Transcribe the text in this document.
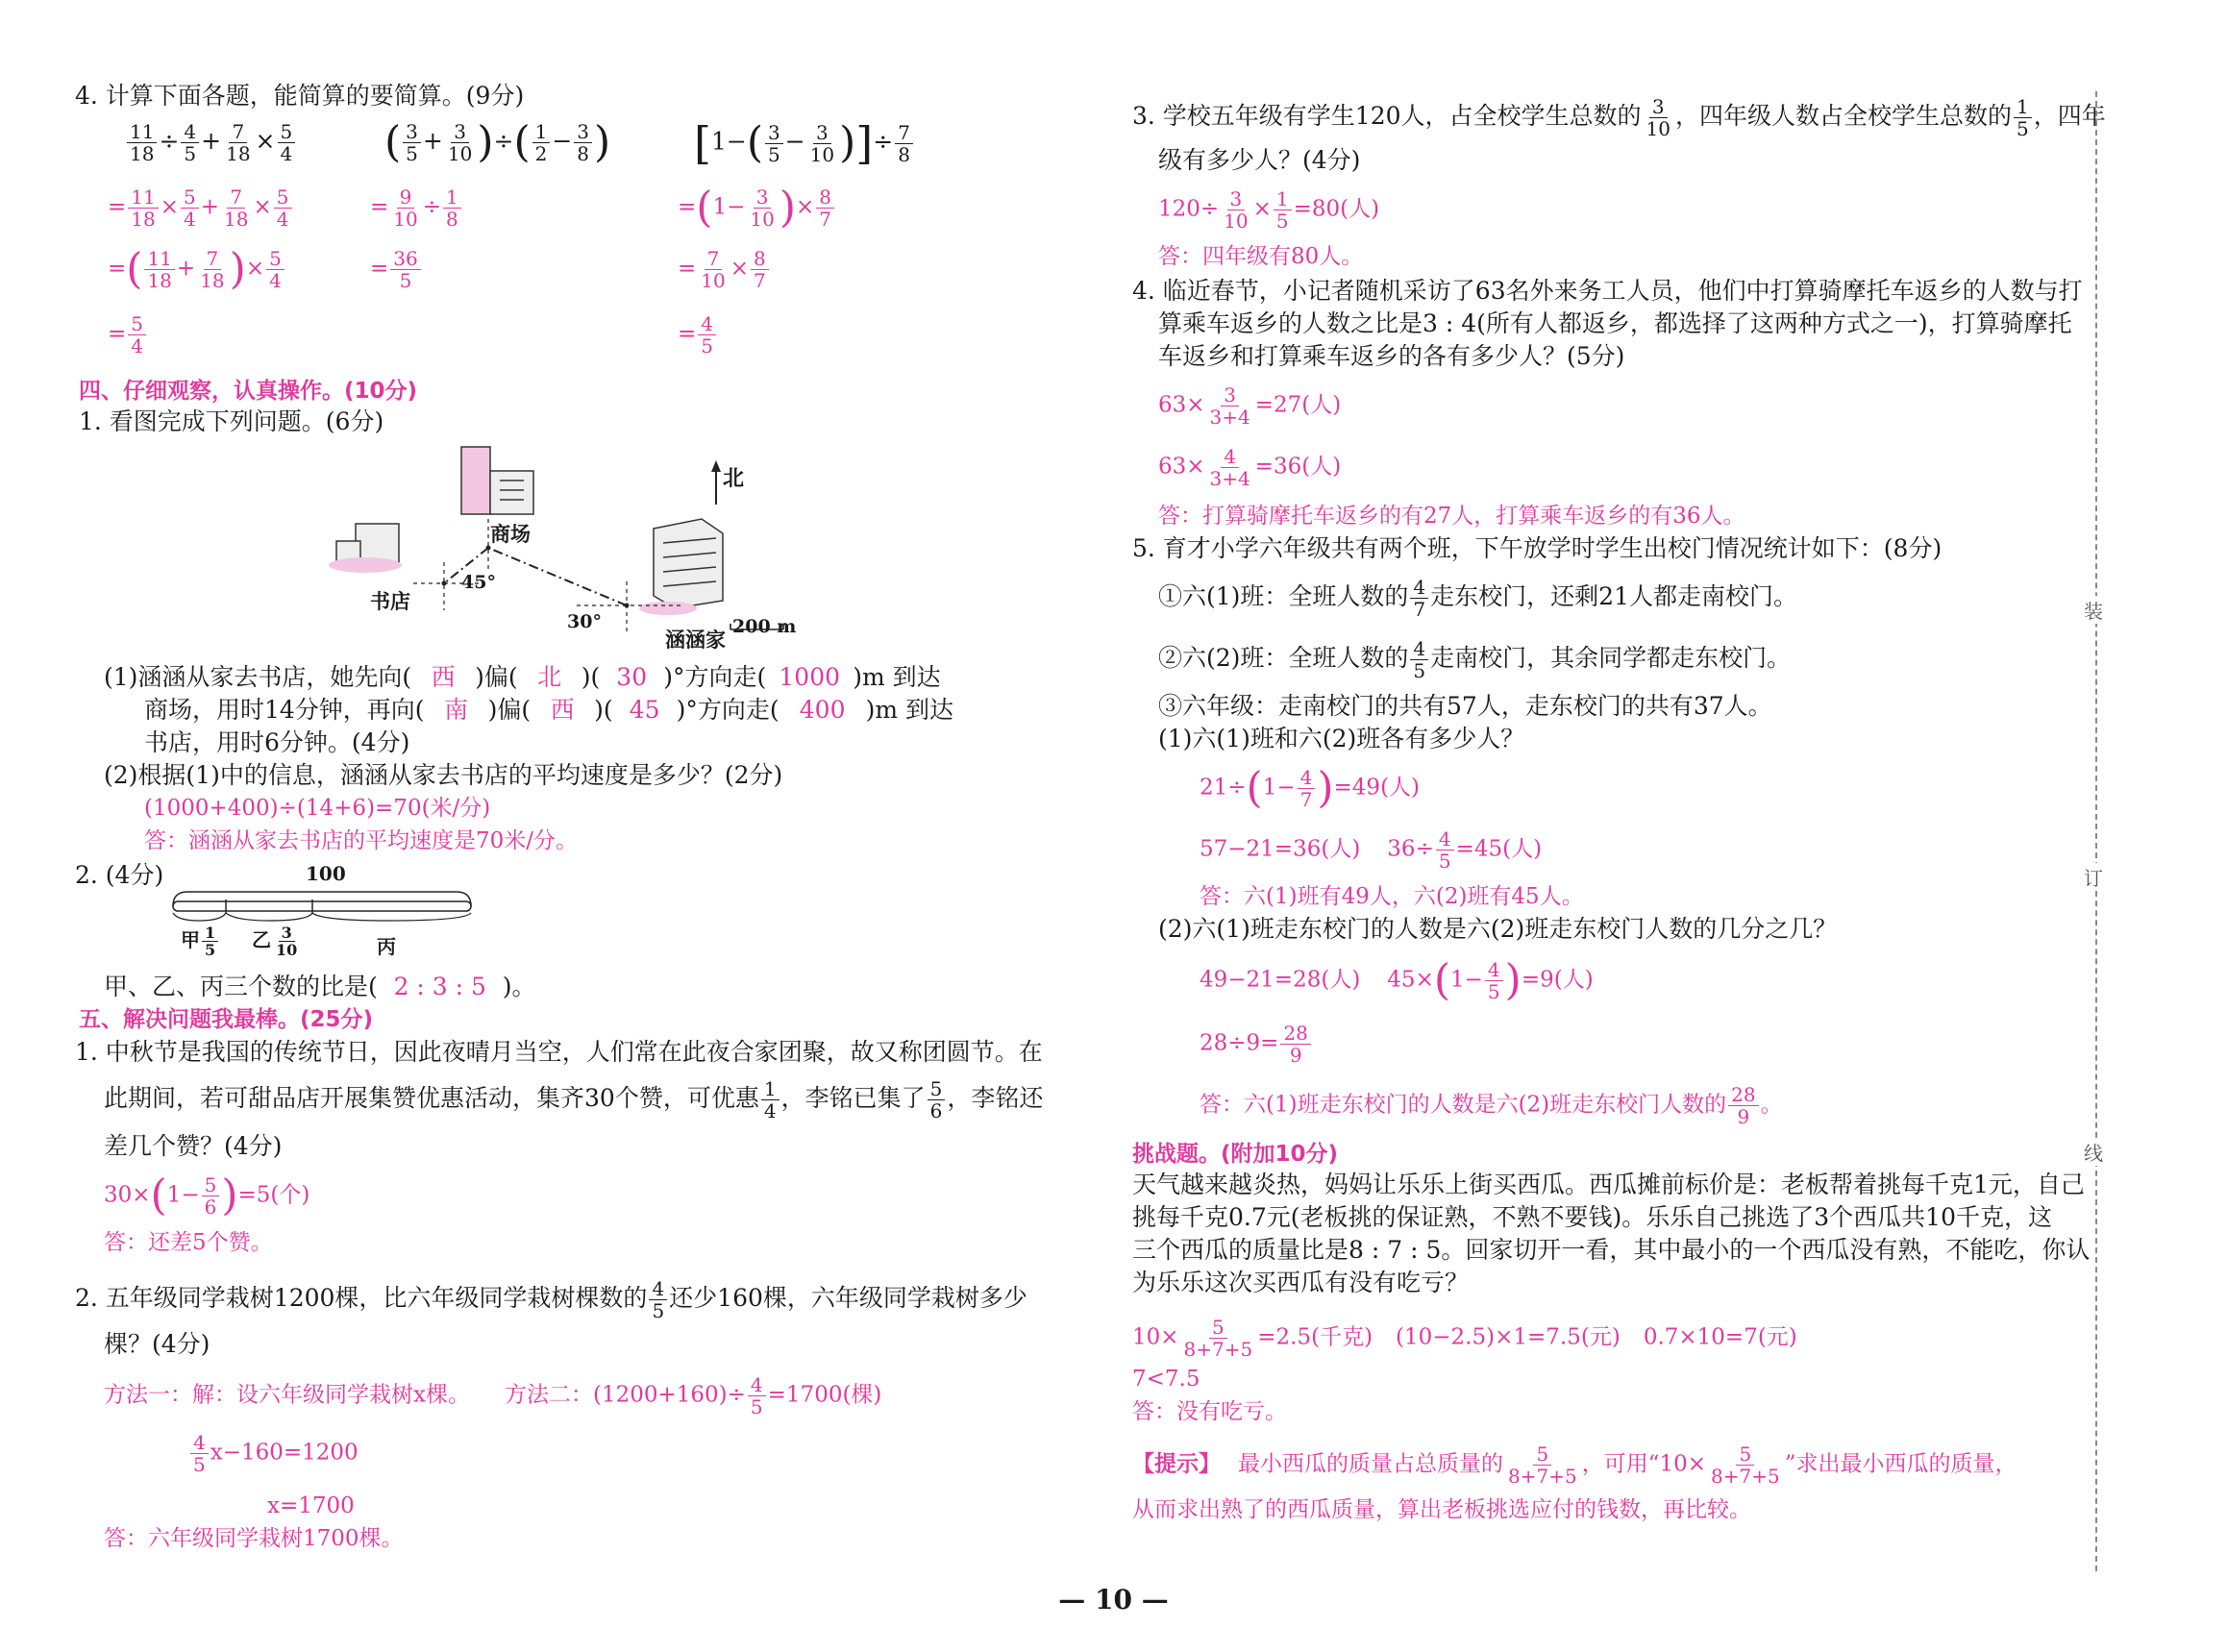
4. 计算下面各题，能简算的要简算。(9分)
$\frac{11}{18} \div \frac{4}{5} + \frac{7}{18} \times \frac{5}{4}$
= $\frac{11}{18} \times \frac{5}{4} + \frac{7}{18} \times \frac{5}{4}$
=( $\frac{11}{18} + \frac{7}{18}$ )× $\frac{5}{4}$
= $\frac{5}{4}$
( $\frac{3}{5} + \frac{3}{10}$ )÷( $\frac{1}{2} - \frac{3}{8}$ )
= $\frac{9}{10} \div \frac{1}{8}$
= $\frac{36}{5}$
[$1-( \frac{3}{5} - \frac{3}{10}$ )]÷ $\frac{7}{8}$
$=(1- \frac{3}{10}$ )× $\frac{8}{7}$
= $\frac{7}{10} \times \frac{8}{7}$
= $\frac{4}{5}$
四、仔细观察，认真操作。(10分)
1. 看图完成下列问题。(6分)
北
商场
书店
涵涵家
45°
30°	200 m
(1)涵涵从家去书店，她先向( 西 )偏( 北 )( 30 )°方向走( 1000 )m 到达
商场，用时14分钟，再向( 南 )偏( 西 )( 45 )°方向走( 400 )m 到达
书店，用时6分钟。(4分)
(2)根据(1)中的信息，涵涵从家去书店的平均速度是多少？(2分)
(1000+400)÷(14+6)=70(米/分)
答：涵涵从家去书店的平均速度是70米/分。
2. (4分)	100
甲 $\frac{1}{5}$ 乙 $\frac{3}{10}$	丙
甲、乙、丙三个数的比是( 2 : 3 : 5 )。
五、解决问题我最棒。(25分)
1. 中秋节是我国的传统节日，因此夜晴月当空，人们常在此夜合家团聚，故又称团圆节。在
此期间，若可甜品店开展集赞优惠活动，集齐30个赞，可优惠 $\frac{1}{4}$ ，李铭已集了 $\frac{5}{6}$ ，李铭还
差几个赞？(4分)
$30\times(1- \frac{5}{6} )=5$(个)
答：还差5个赞。
2. 五年级同学栽树1200棵，比六年级同学栽树棵数的 $\frac{4}{5}$ 还少160棵，六年级同学栽树多少
棵？(4分)
方法一：解：设六年级同学栽树x棵。 方法二：$(1200+160)\div \frac{4}{5} =1700$(棵)
$\frac{4}{5} x-160=1200$
x=1700
答：六年级同学栽树1700棵。
3. 学校五年级有学生120人，占全校学生总数的 $\frac{3}{10}$ ，四年级人数占全校学生总数的 $\frac{1}{5}$ ，四年
级有多少人？(4分)
$120\div \frac{3}{10} \times \frac{1}{5} =80$(人)
答：四年级有80人。
4. 临近春节，小记者随机采访了63名外来务工人员，他们中打算骑摩托车返乡的人数与打
算乘车返乡的人数之比是3 : 4(所有人都返乡，都选择了这两种方式之一)，打算骑摩托
车返乡和打算乘车返乡的各有多少人？(5分)
$63\times \frac{3}{3+4} =27$(人)
$63\times \frac{4}{3+4} =36$(人)
答：打算骑摩托车返乡的有27人，打算乘车返乡的有36人。
5. 育才小学六年级共有两个班，下午放学时学生出校门情况统计如下：(8分)
①六(1)班：全班人数的 $\frac{4}{7}$ 走东校门，还剩21人都走南校门。
②六(2)班：全班人数的 $\frac{4}{5}$ 走南校门，其余同学都走东校门。
③六年级：走南校门的共有57人，走东校门的共有37人。
(1)六(1)班和六(2)班各有多少人？
$21\div(1- \frac{4}{7} )=49$(人)
57−21=36(人) $36\div \frac{4}{5} =45$(人)
答：六(1)班有49人，六(2)班有45人。
(2)六(1)班走东校门的人数是六(2)班走东校门人数的几分之几？
49−21=28(人) $45\times(1- \frac{4}{5} )=9$(人)
$28\div 9= \frac{28}{9}$
答：六(1)班走东校门的人数是六(2)班走东校门人数的 $\frac{28}{9}$ 。
挑战题。(附加10分)
天气越来越炎热，妈妈让乐乐上街买西瓜。西瓜摊前标价是：老板帮着挑每千克1元，自己
挑每千克0.7元(老板挑的保证熟，不熟不要钱)。乐乐自己挑选了3个西瓜共10千克，这
三个西瓜的质量比是8 : 7 : 5。回家切开一看，其中最小的一个西瓜没有熟，不能吃，你认
为乐乐这次买西瓜有没有吃亏？
$10\times \frac{5}{8+7+5} =2.5$(千克) (10−2.5)×1=7.5(元) 0.7×10=7(元)
7<7.5
答：没有吃亏。
【提示】 最小西瓜的质量占总质量的 $\frac{5}{8+7+5}$ ，可用“$10\times \frac{5}{8+7+5}$ ”求出最小西瓜的质量，
从而求出熟了的西瓜质量，算出老板挑选应付的钱数，再比较。
装
订
线
— 10 —
